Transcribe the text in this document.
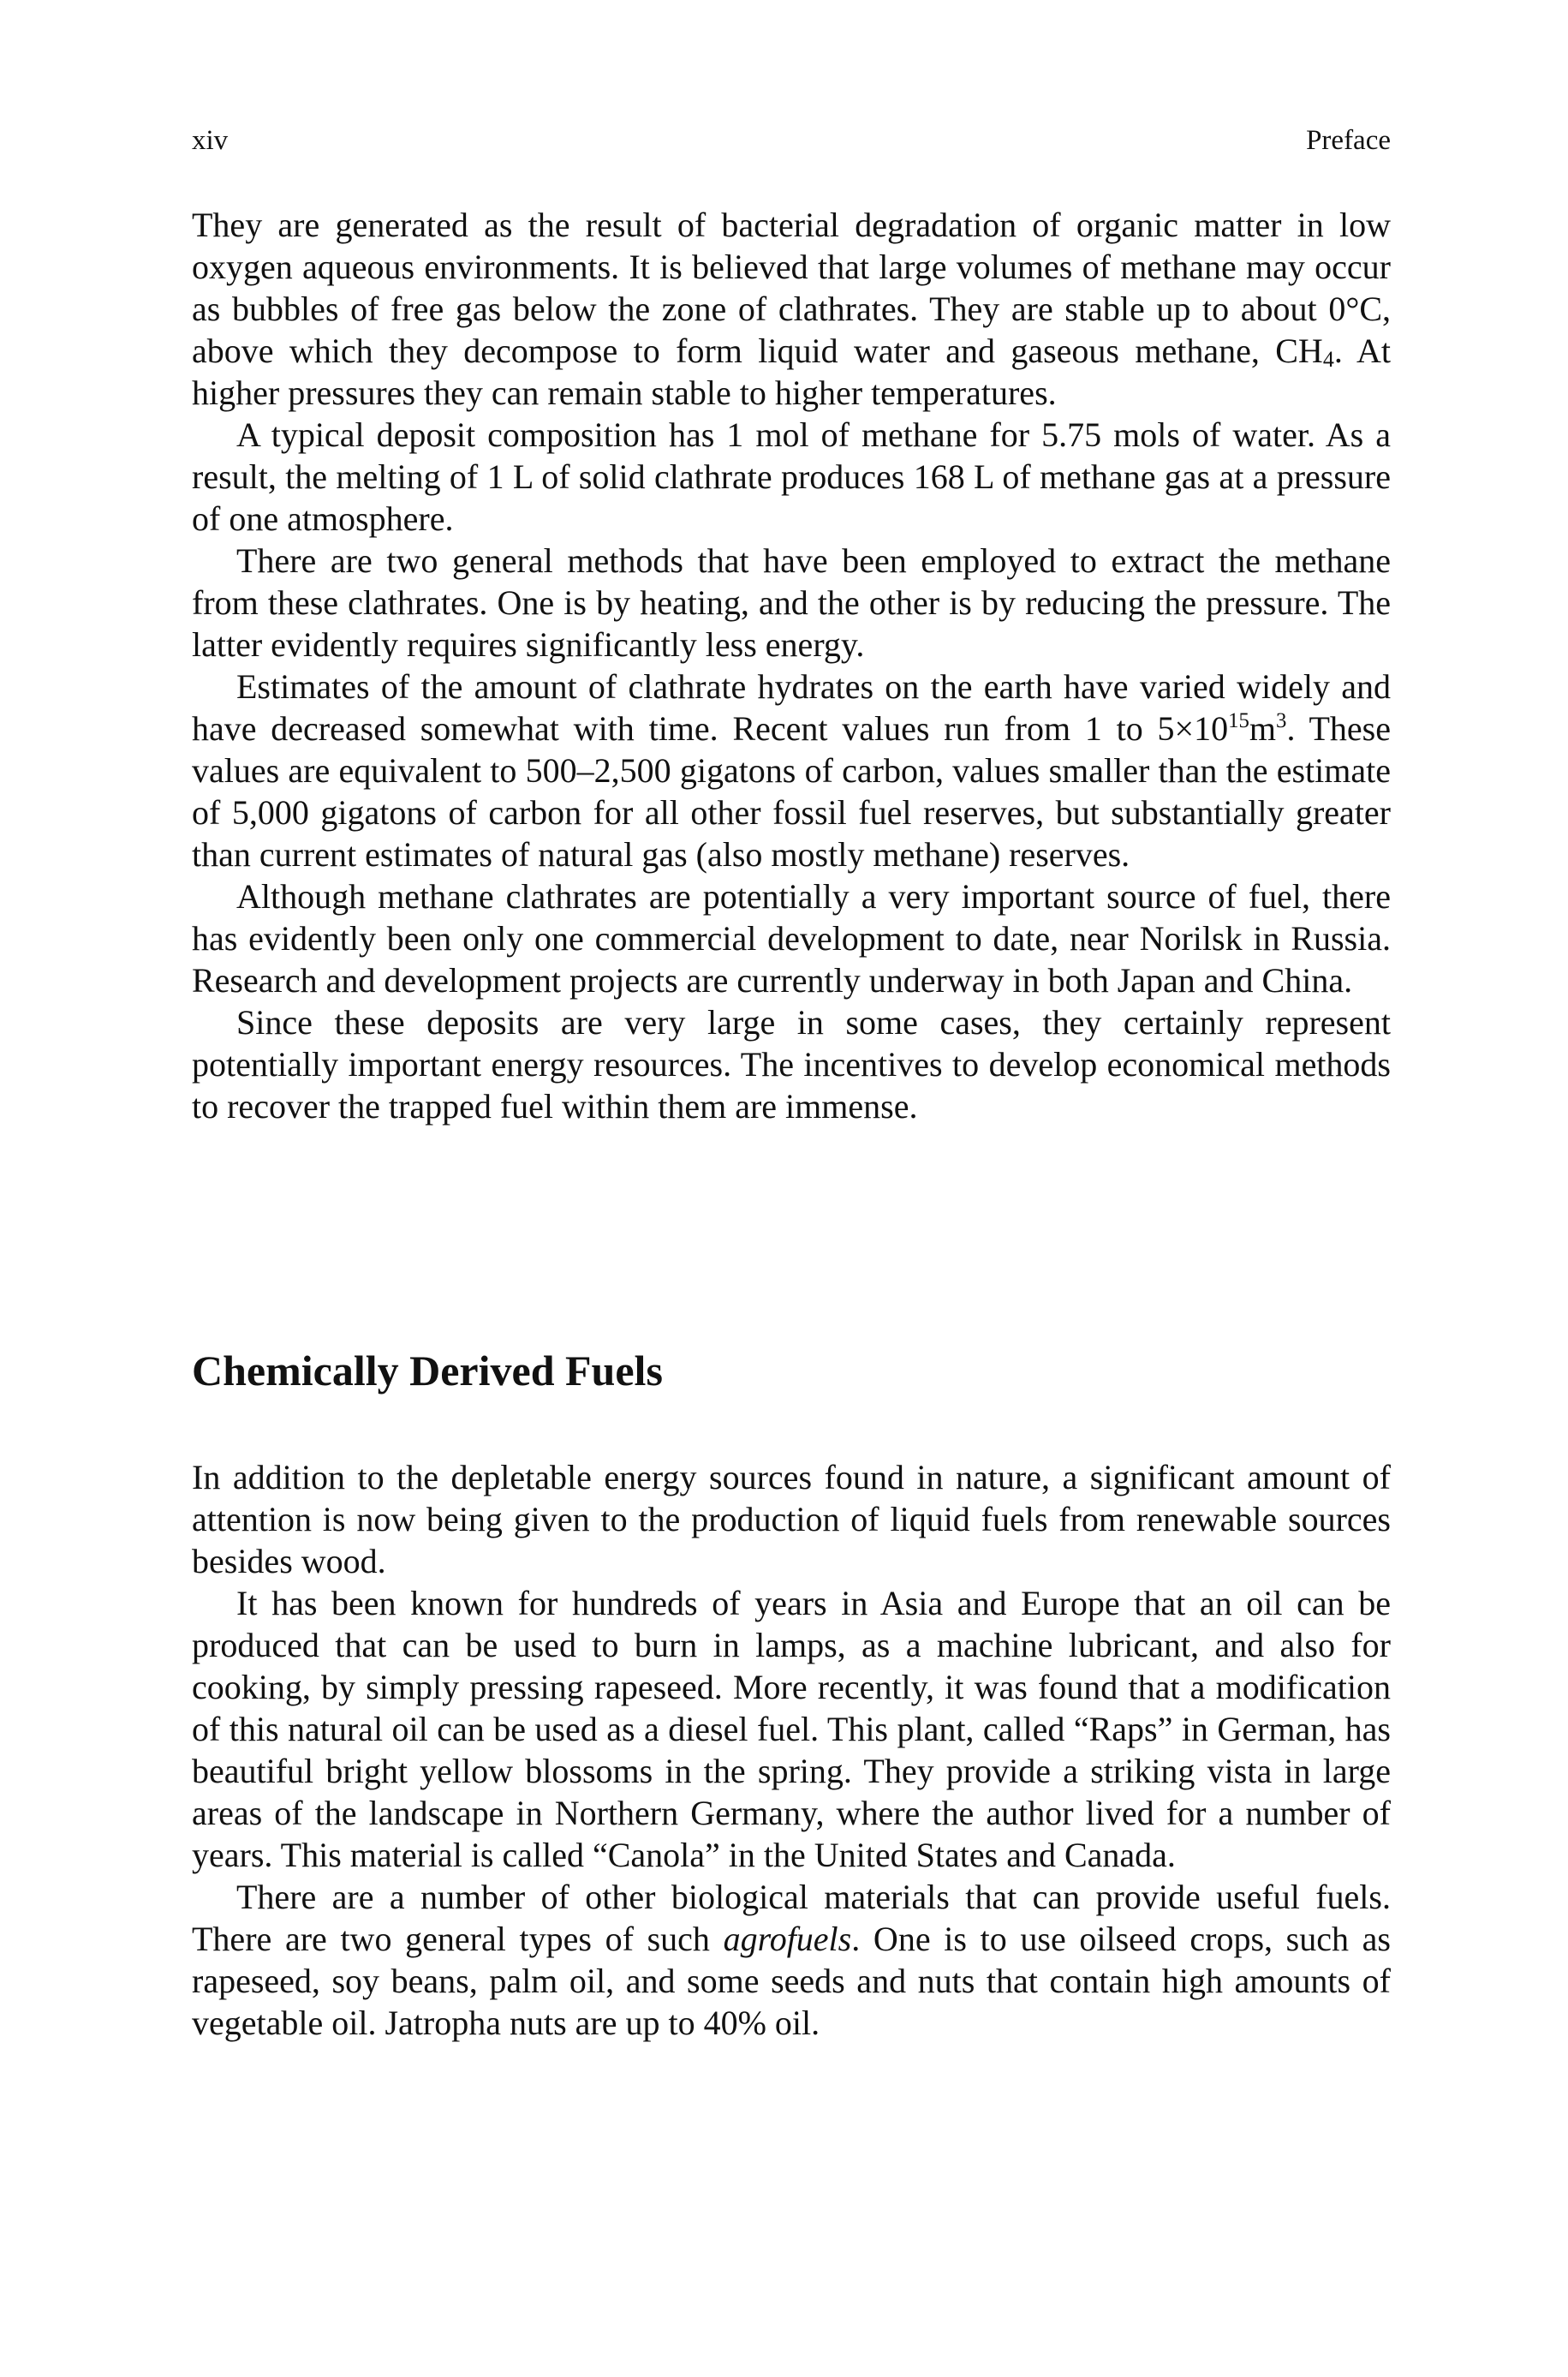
xiv	Preface

They are generated as the result of bacterial degradation of organic matter in low oxygen aqueous environments. It is believed that large volumes of methane may occur as bubbles of free gas below the zone of clathrates. They are stable up to about 0°C, above which they decompose to form liquid water and gaseous methane, $CH_4$. At higher pressures they can remain stable to higher temperatures.

A typical deposit composition has 1 mol of methane for 5.75 mols of water. As a result, the melting of 1 L of solid clathrate produces 168 L of methane gas at a pressure of one atmosphere.

There are two general methods that have been employed to extract the methane from these clathrates. One is by heating, and the other is by reducing the pressure. The latter evidently requires significantly less energy.

Estimates of the amount of clathrate hydrates on the earth have varied widely and have decreased somewhat with time. Recent values run from 1 to $5\times 10^{15}m^3$. These values are equivalent to 500–2,500 gigatons of carbon, values smaller than the estimate of 5,000 gigatons of carbon for all other fossil fuel reserves, but substantially greater than current estimates of natural gas (also mostly methane) reserves.

Although methane clathrates are potentially a very important source of fuel, there has evidently been only one commercial development to date, near Norilsk in Russia. Research and development projects are currently underway in both Japan and China.

Since these deposits are very large in some cases, they certainly represent potentially important energy resources. The incentives to develop economical methods to recover the trapped fuel within them are immense.

Chemically Derived Fuels

In addition to the depletable energy sources found in nature, a significant amount of attention is now being given to the production of liquid fuels from renewable sources besides wood.

It has been known for hundreds of years in Asia and Europe that an oil can be produced that can be used to burn in lamps, as a machine lubricant, and also for cooking, by simply pressing rapeseed. More recently, it was found that a modification of this natural oil can be used as a diesel fuel. This plant, called “Raps” in German, has beautiful bright yellow blossoms in the spring. They provide a striking vista in large areas of the landscape in Northern Germany, where the author lived for a number of years. This material is called “Canola” in the United States and Canada.

There are a number of other biological materials that can provide useful fuels. There are two general types of such agrofuels. One is to use oilseed crops, such as rapeseed, soy beans, palm oil, and some seeds and nuts that contain high amounts of vegetable oil. Jatropha nuts are up to 40% oil.
